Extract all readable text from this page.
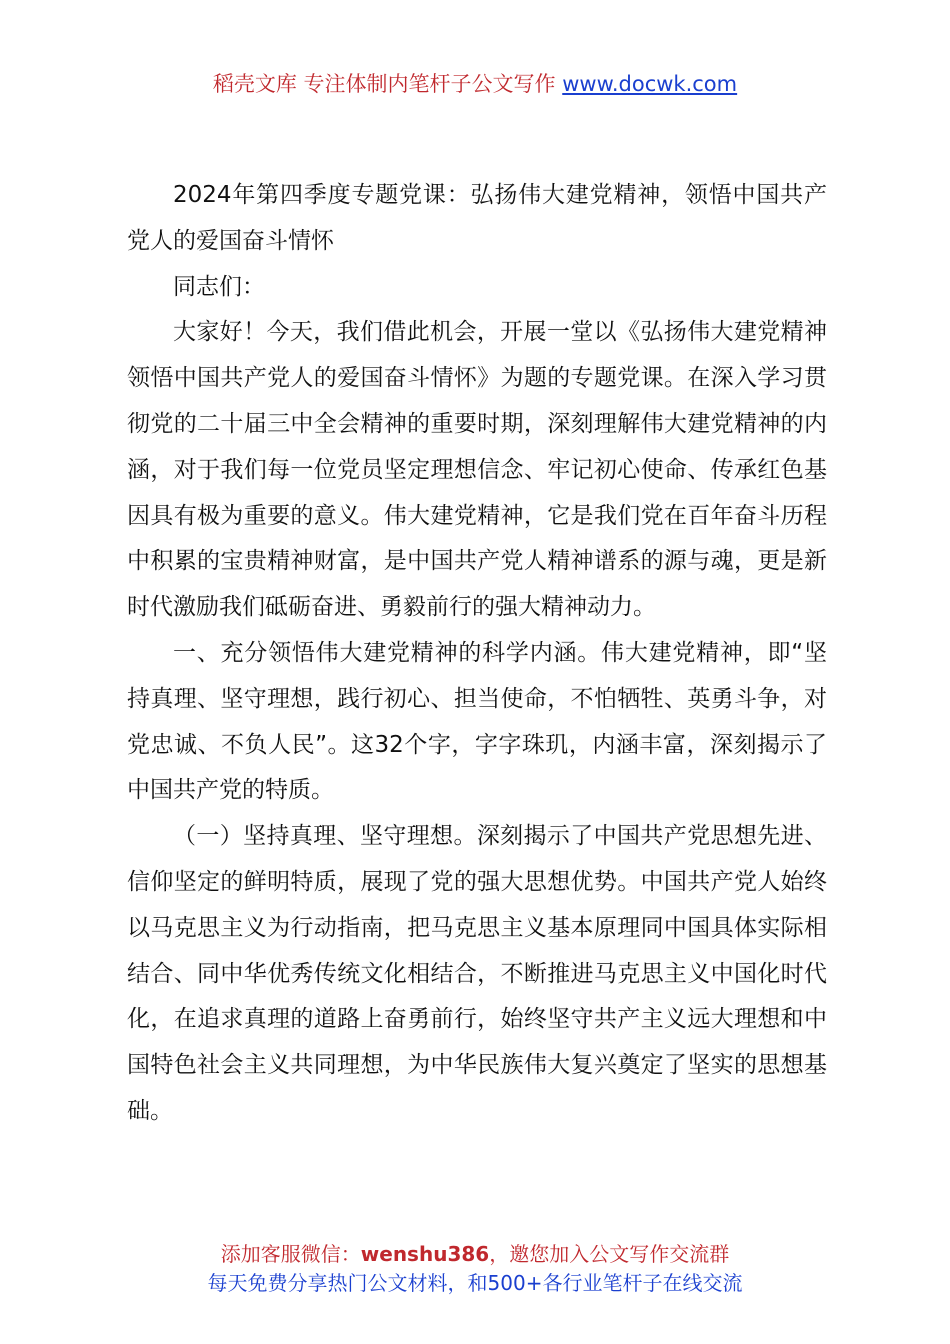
稻壳文库 专注体制内笔杆子公文写作 www.docwk.com

2024年第四季度专题党课：弘扬伟大建党精神，领悟中国共产党人的爱国奋斗情怀

同志们：

大家好！今天，我们借此机会，开展一堂以《弘扬伟大建党精神领悟中国共产党人的爱国奋斗情怀》为题的专题党课。在深入学习贯彻党的二十届三中全会精神的重要时期，深刻理解伟大建党精神的内涵，对于我们每一位党员坚定理想信念、牢记初心使命、传承红色基因具有极为重要的意义。伟大建党精神，它是我们党在百年奋斗历程中积累的宝贵精神财富，是中国共产党人精神谱系的源与魂，更是新时代激励我们砥砺奋进、勇毅前行的强大精神动力。

一、充分领悟伟大建党精神的科学内涵。伟大建党精神，即“坚持真理、坚守理想，践行初心、担当使命，不怕牺牲、英勇斗争，对党忠诚、不负人民”。这32个字，字字珠玑，内涵丰富，深刻揭示了中国共产党的特质。

（一）坚持真理、坚守理想。深刻揭示了中国共产党思想先进、信仰坚定的鲜明特质，展现了党的强大思想优势。中国共产党人始终以马克思主义为行动指南，把马克思主义基本原理同中国具体实际相结合、同中华优秀传统文化相结合，不断推进马克思主义中国化时代化，在追求真理的道路上奋勇前行，始终坚守共产主义远大理想和中国特色社会主义共同理想，为中华民族伟大复兴奠定了坚实的思想基础。

添加客服微信：wenshu386，邀您加入公文写作交流群
每天免费分享热门公文材料，和500+各行业笔杆子在线交流
